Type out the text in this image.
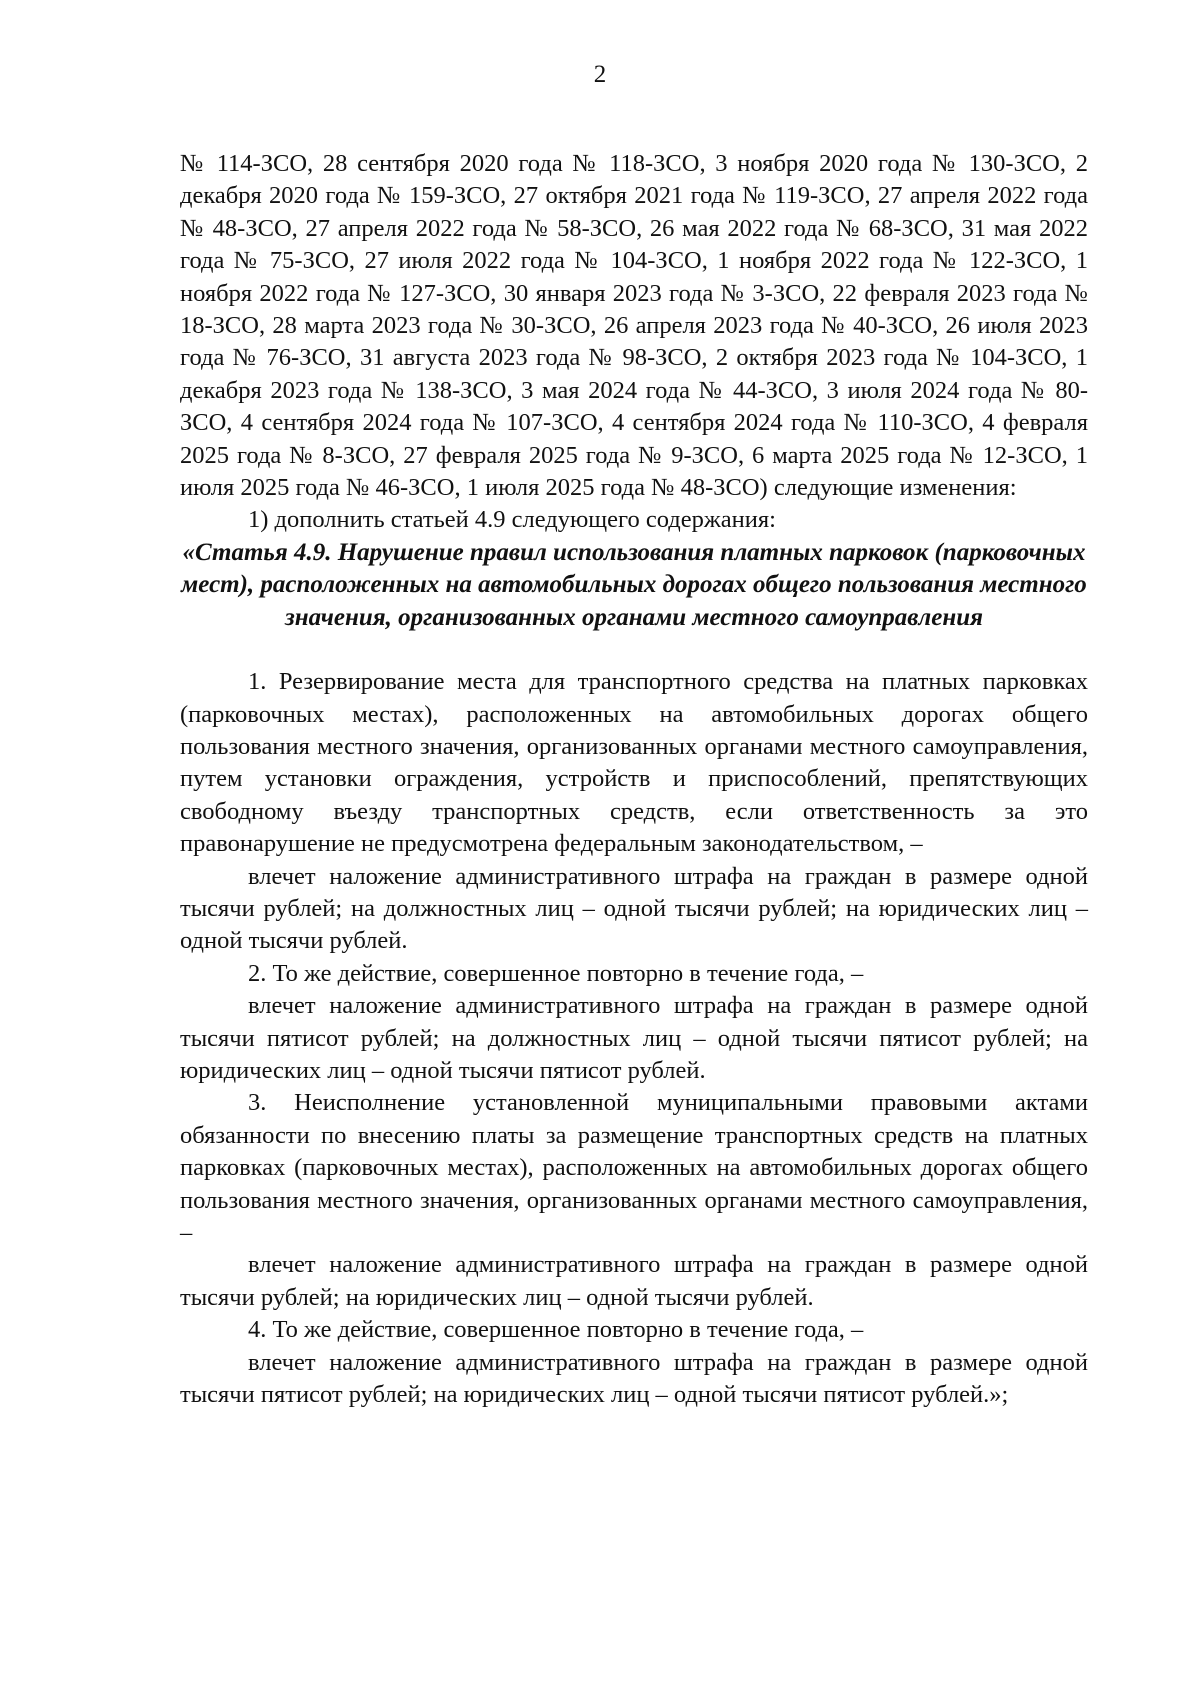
2

№ 114-ЗСО, 28 сентября 2020 года № 118-ЗСО, 3 ноября 2020 года № 130-ЗСО, 2 декабря 2020 года № 159-ЗСО, 27 октября 2021 года № 119-ЗСО, 27 апреля 2022 года № 48-ЗСО, 27 апреля 2022 года № 58-ЗСО, 26 мая 2022 года № 68-ЗСО, 31 мая 2022 года № 75-ЗСО, 27 июля 2022 года № 104-ЗСО, 1 ноября 2022 года № 122-ЗСО, 1 ноября 2022 года № 127-ЗСО, 30 января 2023 года № 3-ЗСО, 22 февраля 2023 года № 18-ЗСО, 28 марта 2023 года № 30-ЗСО, 26 апреля 2023 года № 40-ЗСО, 26 июля 2023 года № 76-ЗСО, 31 августа 2023 года № 98-ЗСО, 2 октября 2023 года № 104-ЗСО, 1 декабря 2023 года № 138-ЗСО, 3 мая 2024 года № 44-ЗСО, 3 июля 2024 года № 80-ЗСО, 4 сентября 2024 года № 107-ЗСО, 4 сентября 2024 года № 110-ЗСО, 4 февраля 2025 года № 8-ЗСО, 27 февраля 2025 года № 9-ЗСО, 6 марта 2025 года № 12-ЗСО, 1 июля 2025 года № 46-ЗСО, 1 июля 2025 года № 48-ЗСО) следующие изменения:

1) дополнить статьей 4.9 следующего содержания:

«Статья 4.9. Нарушение правил использования платных парковок (парковочных мест), расположенных на автомобильных дорогах общего пользования местного значения, организованных органами местного самоуправления

1. Резервирование места для транспортного средства на платных парковках (парковочных местах), расположенных на автомобильных дорогах общего пользования местного значения, организованных органами местного самоуправления, путем установки ограждения, устройств и приспособлений, препятствующих свободному въезду транспортных средств, если ответственность за это правонарушение не предусмотрена федеральным законодательством, –

влечет наложение административного штрафа на граждан в размере одной тысячи рублей; на должностных лиц – одной тысячи рублей; на юридических лиц – одной тысячи рублей.

2. То же действие, совершенное повторно в течение года, –

влечет наложение административного штрафа на граждан в размере одной тысячи пятисот рублей; на должностных лиц – одной тысячи пятисот рублей; на юридических лиц – одной тысячи пятисот рублей.

3. Неисполнение установленной муниципальными правовыми актами обязанности по внесению платы за размещение транспортных средств на платных парковках (парковочных местах), расположенных на автомобильных дорогах общего пользования местного значения, организованных органами местного самоуправления, –

влечет наложение административного штрафа на граждан в размере одной тысячи рублей; на юридических лиц – одной тысячи рублей.

4. То же действие, совершенное повторно в течение года, –

влечет наложение административного штрафа на граждан в размере одной тысячи пятисот рублей; на юридических лиц – одной тысячи пятисот рублей.»;
